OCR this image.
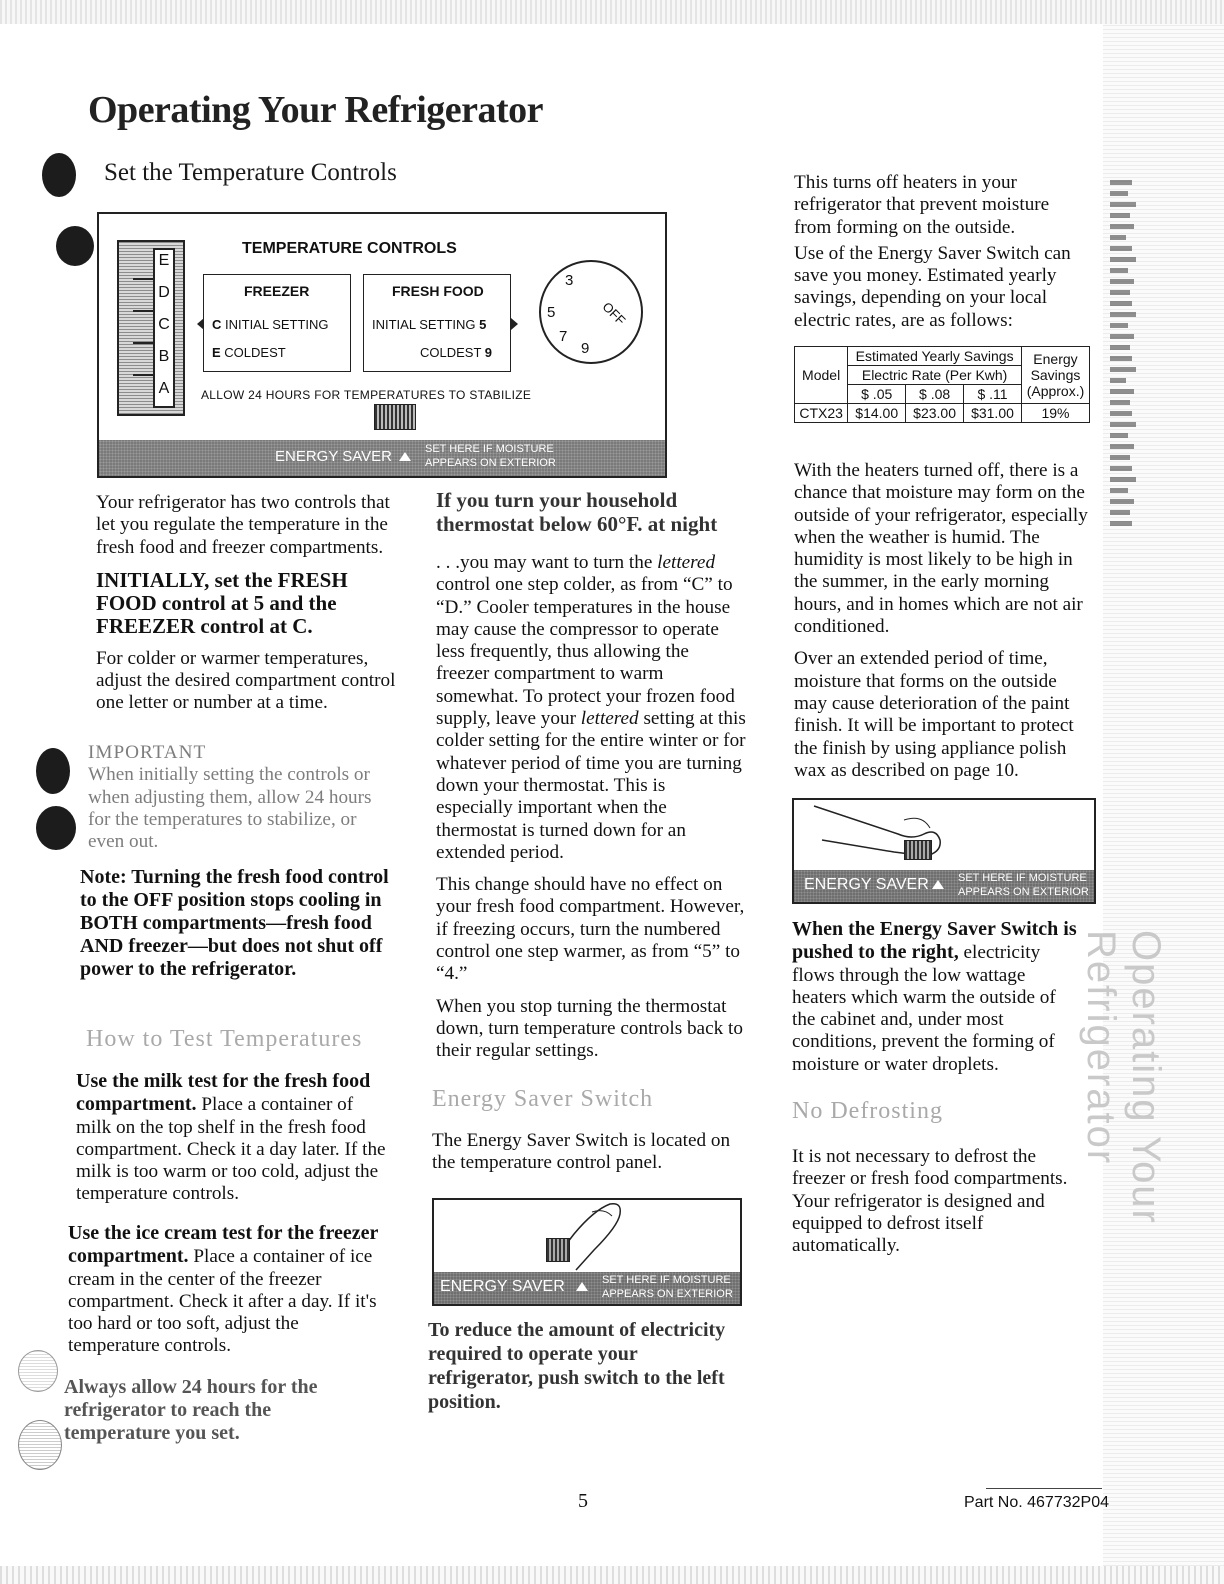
Operating Your Refrigerator
Operating Your Refrigerator
Set the Temperature Controls
E
D
C
B
A
TEMPERATURE CONTROLS
FREEZER
C INITIAL SETTING
E COLDEST
FRESH FOOD
INITIAL SETTING 5
COLDEST 9
3
5
7
9
OFF
ALLOW 24 HOURS FOR TEMPERATURES TO STABILIZE
ENERGY SAVER	SET HERE IF MOISTURE
APPEARS ON EXTERIOR

Your refrigerator has two controls that let you regulate the temperature in the fresh food and freezer compartments.

INITIALLY, set the FRESH FOOD control at 5 and the FREEZER control at C.

For colder or warmer temperatures, adjust the desired compartment control one letter or number at a time.

IMPORTANT
When initially setting the controls or when adjusting them, allow 24 hours for the temperatures to stabilize, or even out.
Note: Turning the fresh food control to the OFF position stops cooling in BOTH compartments—fresh food AND freezer—but does not shut off power to the refrigerator.
How to Test Temperatures

Use the milk test for the fresh food compartment. Place a container of milk on the top shelf in the fresh food compartment. Check it a day later. If the milk is too warm or too cold, adjust the temperature controls.

Use the ice cream test for the freezer compartment. Place a container of ice cream in the center of the freezer compartment. Check it after a day. If it's too hard or too soft, adjust the temperature controls.

Always allow 24 hours for the refrigerator to reach the temperature you set.

If you turn your household thermostat below 60°F. at night

. . .you may want to turn the lettered control one step colder, as from “C” to “D.” Cooler temperatures in the house may cause the compressor to operate less frequently, thus allowing the freezer compartment to warm somewhat. To protect your frozen food supply, leave your lettered setting at this colder setting for the entire winter or for whatever period of time you are turning down your thermostat. This is especially important when the thermostat is turned down for an extended period.

This change should have no effect on your fresh food compartment. However, if freezing occurs, turn the numbered control one step warmer, as from “5” to “4.”

When you stop turning the thermostat down, turn temperature controls back to their regular settings.

Energy Saver Switch
The Energy Saver Switch is located on the temperature control panel.
ENERGY SAVER	SET HERE IF MOISTURE
APPEARS ON EXTERIOR
To reduce the amount of electricity required to operate your refrigerator, push switch to the left position.

This turns off heaters in your refrigerator that prevent moisture from forming on the outside.

Use of the Energy Saver Switch can save you money. Estimated yearly savings, depending on your local electric rates, are as follows:

Model	Estimated Yearly Savings			Energy
Savings
(Approx.)

	Electric Rate (Per Kwh)			
	$ .05	$ .08	$ .11	
CTX23	$14.00	$23.00	$31.00	19%

With the heaters turned off, there is a chance that moisture may form on the outside of your refrigerator, especially when the weather is humid. The humidity is most likely to be high in the summer, in the early morning hours, and in homes which are not air conditioned.

Over an extended period of time, moisture that forms on the outside may cause deterioration of the paint finish. It will be important to protect the finish by using appliance polish wax as described on page 10.

ENERGY SAVER	SET HERE IF MOISTURE
APPEARS ON EXTERIOR

When the Energy Saver Switch is pushed to the right, electricity flows through the low wattage heaters which warm the outside of the cabinet and, under most conditions, prevent the forming of moisture or water droplets.

No Defrosting
It is not necessary to defrost the freezer or fresh food compartments. Your refrigerator is designed and equipped to defrost itself automatically.
5	Part No. 467732P04
